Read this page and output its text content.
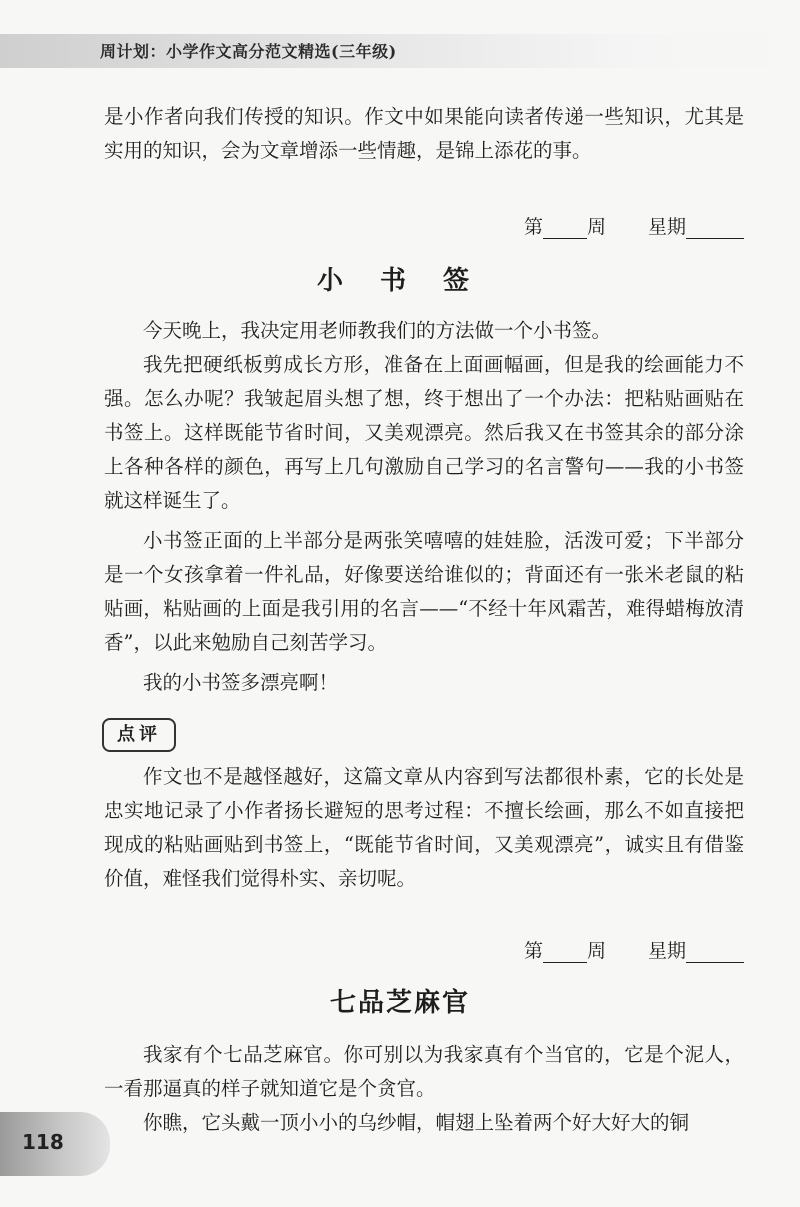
周计划：小学作文高分范文精选(三年级)

是小作者向我们传授的知识。作文中如果能向读者传递一些知识，尤其是实用的知识，会为文章增添一些情趣，是锦上添花的事。

第 周 星期
小 书 签

今天晚上，我决定用老师教我们的方法做一个小书签。

我先把硬纸板剪成长方形，准备在上面画幅画，但是我的绘画能力不强。怎么办呢？我皱起眉头想了想，终于想出了一个办法：把粘贴画贴在书签上。这样既能节省时间，又美观漂亮。然后我又在书签其余的部分涂上各种各样的颜色，再写上几句激励自己学习的名言警句——我的小书签就这样诞生了。

小书签正面的上半部分是两张笑嘻嘻的娃娃脸，活泼可爱；下半部分是一个女孩拿着一件礼品，好像要送给谁似的；背面还有一张米老鼠的粘贴画，粘贴画的上面是我引用的名言——“不经十年风霜苦，难得蜡梅放清香”，以此来勉励自己刻苦学习。

我的小书签多漂亮啊！

点评

作文也不是越怪越好，这篇文章从内容到写法都很朴素，它的长处是忠实地记录了小作者扬长避短的思考过程：不擅长绘画，那么不如直接把现成的粘贴画贴到书签上，“既能节省时间，又美观漂亮”，诚实且有借鉴价值，难怪我们觉得朴实、亲切呢。

第 周 星期
七品芝麻官

我家有个七品芝麻官。你可别以为我家真有个当官的，它是个泥人，一看那逼真的样子就知道它是个贪官。

你瞧，它头戴一顶小小的乌纱帽，帽翅上坠着两个好大好大的铜

118
